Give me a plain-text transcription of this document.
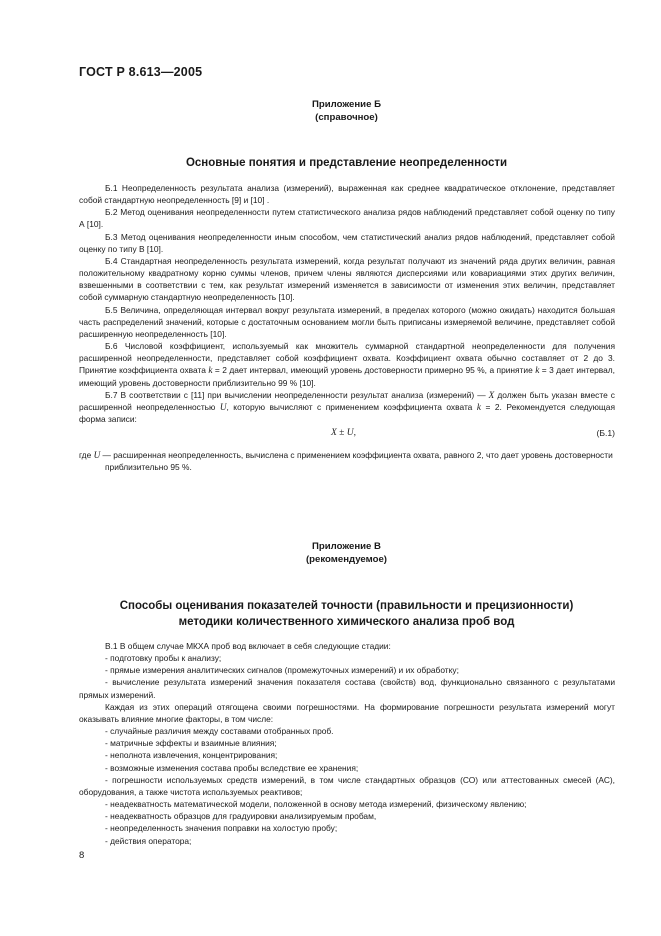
ГОСТ Р 8.613—2005
Приложение Б
(справочное)
Основные понятия и представление неопределенности

Б.1 Неопределенность результата анализа (измерений), выраженная как среднее квадратическое отклонение, представляет собой стандартную неопределенность [9] и [10] .

Б.2 Метод оценивания неопределенности путем статистического анализа рядов наблюдений представляет собой оценку по типу А [10].

Б.3 Метод оценивания неопределенности иным способом, чем статистический анализ рядов наблюдений, представляет собой оценку по типу В [10].

Б.4 Стандартная неопределенность результата измерений, когда результат получают из значений ряда других величин, равная положительному квадратному корню суммы членов, причем члены являются дисперсиями или ковариациями этих других величин, взвешенными в соответствии с тем, как результат измерений изменяется в зависимости от изменения этих величин, представляет собой суммарную стандартную неопределенность [10].

Б.5 Величина, определяющая интервал вокруг результата измерений, в пределах которого (можно ожидать) находится большая часть распределений значений, которые с достаточным основанием могли быть приписаны измеряемой величине, представляет собой расширенную неопределенность [10].

Б.6 Числовой коэффициент, используемый как множитель суммарной стандартной неопределенности для получения расширенной неопределенности, представляет собой коэффициент охвата. Коэффициент охвата обычно составляет от 2 до 3. Принятие коэффициента охвата k = 2 дает интервал, имеющий уровень достоверности примерно 95 %, а принятие k = 3 дает интервал, имеющий уровень достоверности приблизительно 99 % [10].

Б.7 В соответствии с [11] при вычислении неопределенности результат анализа (измерений) — X должен быть указан вместе с расширенной неопределенностью U, которую вычисляют с применением коэффициента охвата k = 2. Рекомендуется следующая форма записи:

X ± U,	(Б.1)

где U — расширенная неопределенность, вычислена с применением коэффициента охвата, равного 2, что дает уровень достоверности приблизительно 95 %.

Приложение В
(рекомендуемое)
Способы оценивания показателей точности (правильности и прецизионности)
методики количественного химического анализа проб вод

В.1 В общем случае МКХА проб вод включает в себя следующие стадии:

- подготовку пробы к анализу;

- прямые измерения аналитических сигналов (промежуточных измерений) и их обработку;

- вычисление результата измерений значения показателя состава (свойств) вод, функционально связанного с результатами прямых измерений.

Каждая из этих операций отягощена своими погрешностями. На формирование погрешности результата измерений могут оказывать влияние многие факторы, в том числе:

- случайные различия между составами отобранных проб.

- матричные эффекты и взаимные влияния;

- неполнота извлечения, концентрирования;

- возможные изменения состава пробы вследствие ее хранения;

- погрешности используемых средств измерений, в том числе стандартных образцов (СО) или аттестованных смесей (АС), оборудования, а также чистота используемых реактивов;

- неадекватность математической модели, положенной в основу метода измерений, физическому явлению;

- неадекватность образцов для градуировки анализируемым пробам,

- неопределенность значения поправки на холостую пробу;

- действия оператора;

8
